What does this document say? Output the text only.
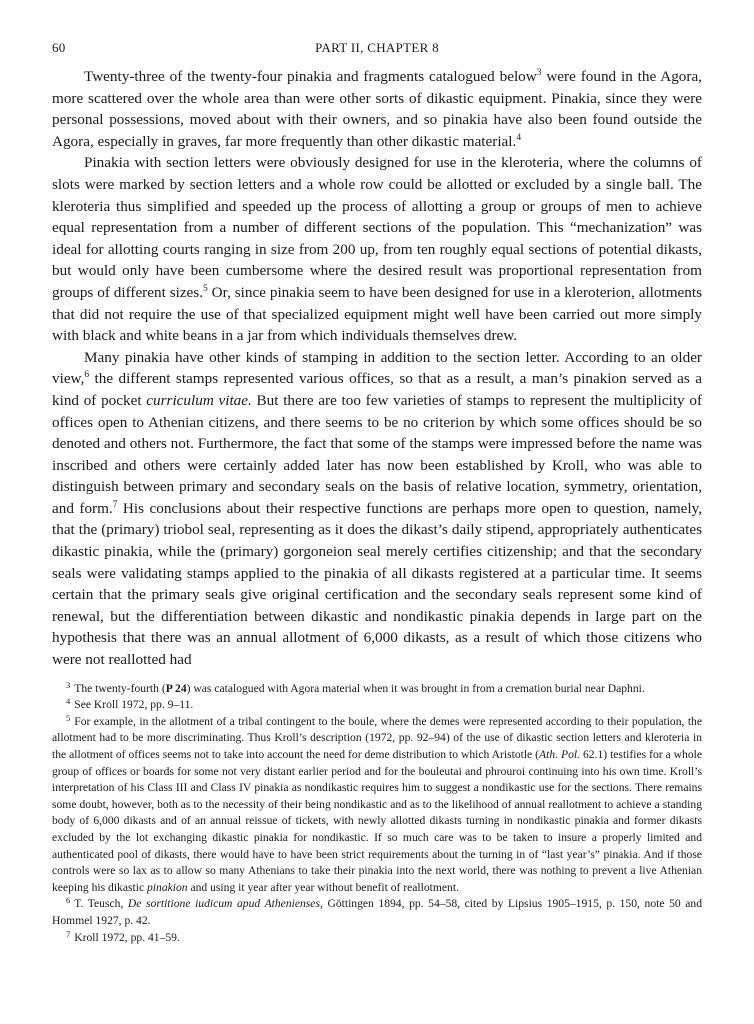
60	PART II, CHAPTER 8

Twenty-three of the twenty-four pinakia and fragments catalogued below$^3$ were found in the Agora, more scattered over the whole area than were other sorts of dikastic equipment. Pinakia, since they were personal possessions, moved about with their owners, and so pinakia have also been found outside the Agora, especially in graves, far more frequently than other dikastic material.$^4$

Pinakia with section letters were obviously designed for use in the kleroteria, where the columns of slots were marked by section letters and a whole row could be allotted or excluded by a single ball. The kleroteria thus simplified and speeded up the process of allotting a group or groups of men to achieve equal representation from a number of different sections of the population. This “mechanization” was ideal for allotting courts ranging in size from 200 up, from ten roughly equal sections of potential dikasts, but would only have been cumbersome where the desired result was proportional representation from groups of different sizes.$^5$ Or, since pinakia seem to have been designed for use in a kleroterion, allotments that did not require the use of that specialized equipment might well have been carried out more simply with black and white beans in a jar from which individuals themselves drew.

Many pinakia have other kinds of stamping in addition to the section letter. According to an older view,$^6$ the different stamps represented various offices, so that as a result, a man’s pinakion served as a kind of pocket curriculum vitae. But there are too few varieties of stamps to represent the multiplicity of offices open to Athenian citizens, and there seems to be no criterion by which some offices should be so denoted and others not. Furthermore, the fact that some of the stamps were impressed before the name was inscribed and others were certainly added later has now been established by Kroll, who was able to distinguish between primary and secondary seals on the basis of relative location, symmetry, orientation, and form.$^7$ His conclusions about their respective functions are perhaps more open to question, namely, that the (primary) triobol seal, representing as it does the dikast’s daily stipend, appropriately authenticates dikastic pinakia, while the (primary) gorgoneion seal merely certifies citizenship; and that the secondary seals were validating stamps applied to the pinakia of all dikasts registered at a particular time. It seems certain that the primary seals give original certification and the secondary seals represent some kind of renewal, but the differentiation between dikastic and nondikastic pinakia depends in large part on the hypothesis that there was an annual allotment of 6,000 dikasts, as a result of which those citizens who were not reallotted had

$^3$ The twenty-fourth (P 24) was catalogued with Agora material when it was brought in from a cremation burial near Daphni.

$^4$ See Kroll 1972, pp. 9–11.

$^5$ For example, in the allotment of a tribal contingent to the boule, where the demes were represented according to their population, the allotment had to be more discriminating. Thus Kroll’s description (1972, pp. 92–94) of the use of dikastic section letters and kleroteria in the allotment of offices seems not to take into account the need for deme distribution to which Aristotle (Ath. Pol. 62.1) testifies for a whole group of offices or boards for some not very distant earlier period and for the bouleutai and phrouroi continuing into his own time. Kroll’s interpretation of his Class III and Class IV pinakia as nondikastic requires him to suggest a nondikastic use for the sections. There remains some doubt, however, both as to the necessity of their being nondikastic and as to the likelihood of annual reallotment to achieve a standing body of 6,000 dikasts and of an annual reissue of tickets, with newly allotted dikasts turning in nondikastic pinakia and former dikasts excluded by the lot exchanging dikastic pinakia for nondikastic. If so much care was to be taken to insure a properly limited and authenticated pool of dikasts, there would have to have been strict requirements about the turning in of “last year’s” pinakia. And if those controls were so lax as to allow so many Athenians to take their pinakia into the next world, there was nothing to prevent a live Athenian keeping his dikastic pinakion and using it year after year without benefit of reallotment.

$^6$ T. Teusch, De sortitione iudicum apud Athenienses, Göttingen 1894, pp. 54–58, cited by Lipsius 1905–1915, p. 150, note 50 and Hommel 1927, p. 42.

$^7$ Kroll 1972, pp. 41–59.
